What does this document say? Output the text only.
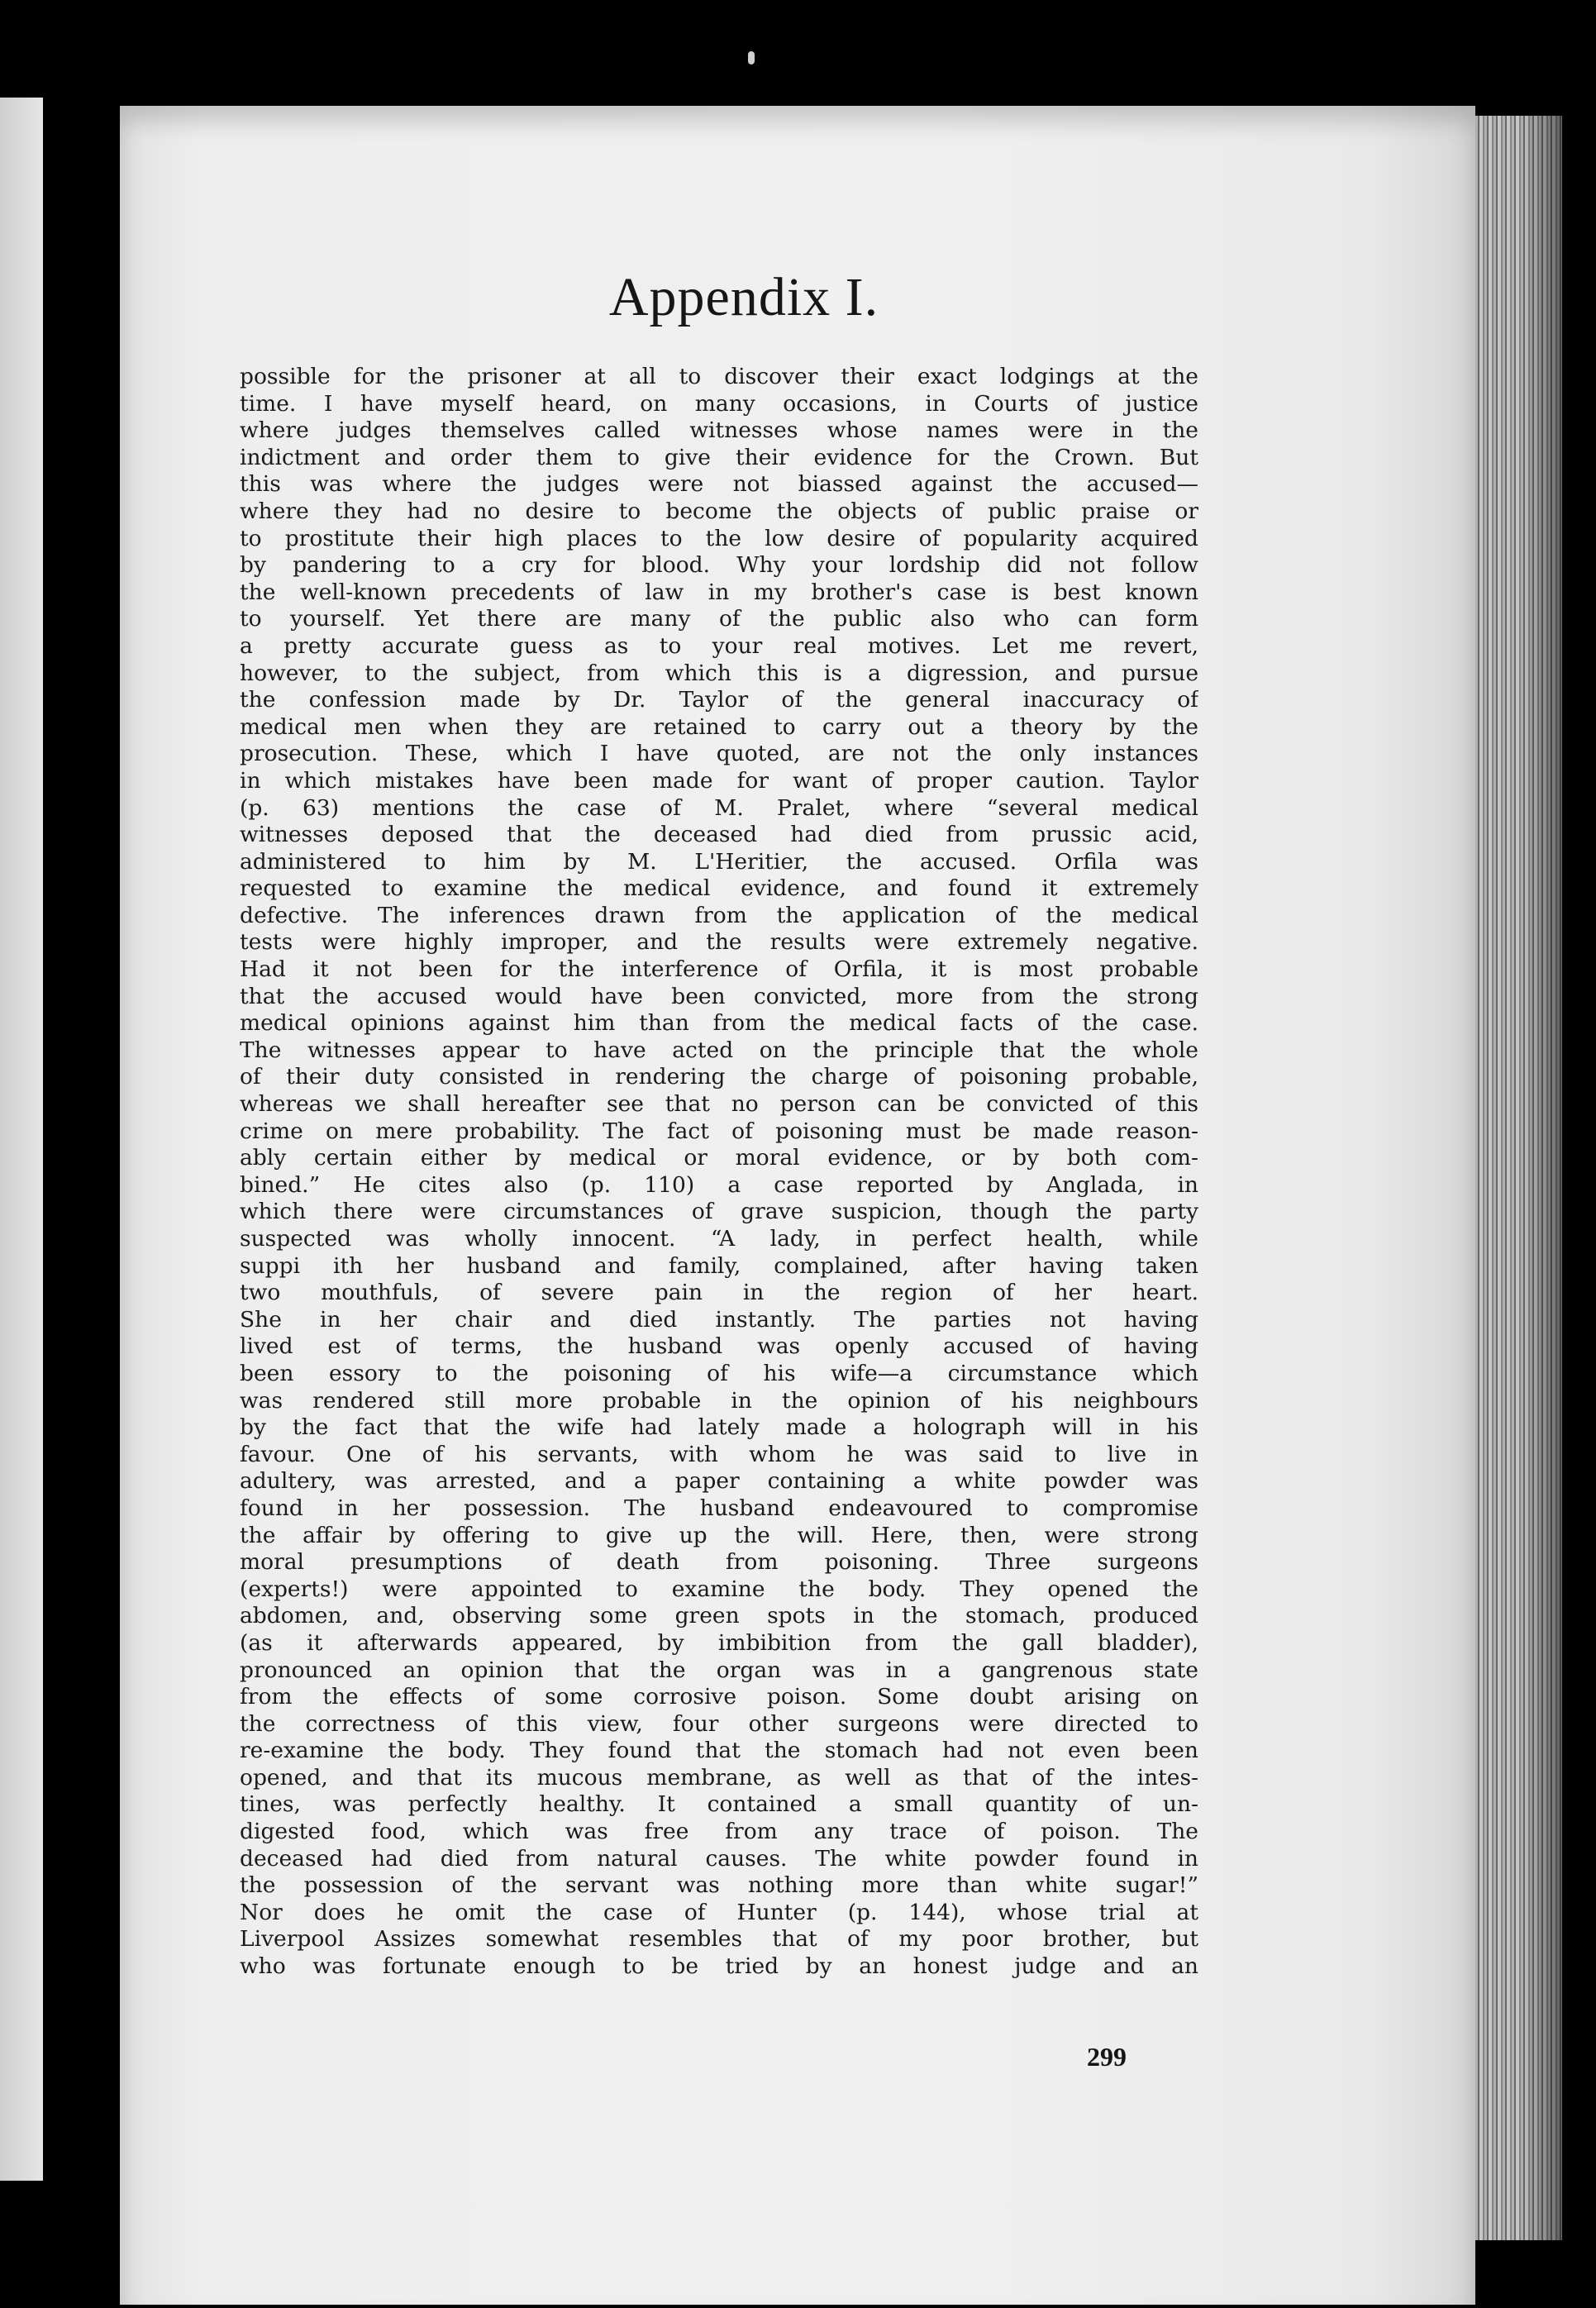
Appendix I.
possible for the prisoner at all to discover their exact lodgings at the
time. I have myself heard, on many occasions, in Courts of justice
where judges themselves called witnesses whose names were in the
indictment and order them to give their evidence for the Crown. But
this was where the judges were not biassed against the accused—
where they had no desire to become the objects of public praise or
to prostitute their high places to the low desire of popularity acquired
by pandering to a cry for blood. Why your lordship did not follow
the well-known precedents of law in my brother's case is best known
to yourself. Yet there are many of the public also who can form
a pretty accurate guess as to your real motives. Let me revert,
however, to the subject, from which this is a digression, and pursue
the confession made by Dr. Taylor of the general inaccuracy of
medical men when they are retained to carry out a theory by the
prosecution. These, which I have quoted, are not the only instances
in which mistakes have been made for want of proper caution. Taylor
(p. 63) mentions the case of M. Pralet, where “several medical
witnesses deposed that the deceased had died from prussic acid,
administered to him by M. L'Heritier, the accused. Orfila was
requested to examine the medical evidence, and found it extremely
defective. The inferences drawn from the application of the medical
tests were highly improper, and the results were extremely negative.
Had it not been for the interference of Orfila, it is most probable
that the accused would have been convicted, more from the strong
medical opinions against him than from the medical facts of the case.
The witnesses appear to have acted on the principle that the whole
of their duty consisted in rendering the charge of poisoning probable,
whereas we shall hereafter see that no person can be convicted of this
crime on mere probability. The fact of poisoning must be made reason-
ably certain either by medical or moral evidence, or by both com-
bined.” He cites also (p. 110) a case reported by Anglada, in
which there were circumstances of grave suspicion, though the party
suspected was wholly innocent. “A lady, in perfect health, while
suppi ith her husband and family, complained, after having taken
two mouthfuls, of severe pain in the region of her heart.
She in her chair and died instantly. The parties not having
lived est of terms, the husband was openly accused of having
been essory to the poisoning of his wife—a circumstance which
was rendered still more probable in the opinion of his neighbours
by the fact that the wife had lately made a holograph will in his
favour. One of his servants, with whom he was said to live in
adultery, was arrested, and a paper containing a white powder was
found in her possession. The husband endeavoured to compromise
the affair by offering to give up the will. Here, then, were strong
moral presumptions of death from poisoning. Three surgeons
(experts!) were appointed to examine the body. They opened the
abdomen, and, observing some green spots in the stomach, produced
(as it afterwards appeared, by imbibition from the gall bladder),
pronounced an opinion that the organ was in a gangrenous state
from the effects of some corrosive poison. Some doubt arising on
the correctness of this view, four other surgeons were directed to
re-examine the body. They found that the stomach had not even been
opened, and that its mucous membrane, as well as that of the intes-
tines, was perfectly healthy. It contained a small quantity of un-
digested food, which was free from any trace of poison. The
deceased had died from natural causes. The white powder found in
the possession of the servant was nothing more than white sugar!”
Nor does he omit the case of Hunter (p. 144), whose trial at
Liverpool Assizes somewhat resembles that of my poor brother, but
who was fortunate enough to be tried by an honest judge and an
299
